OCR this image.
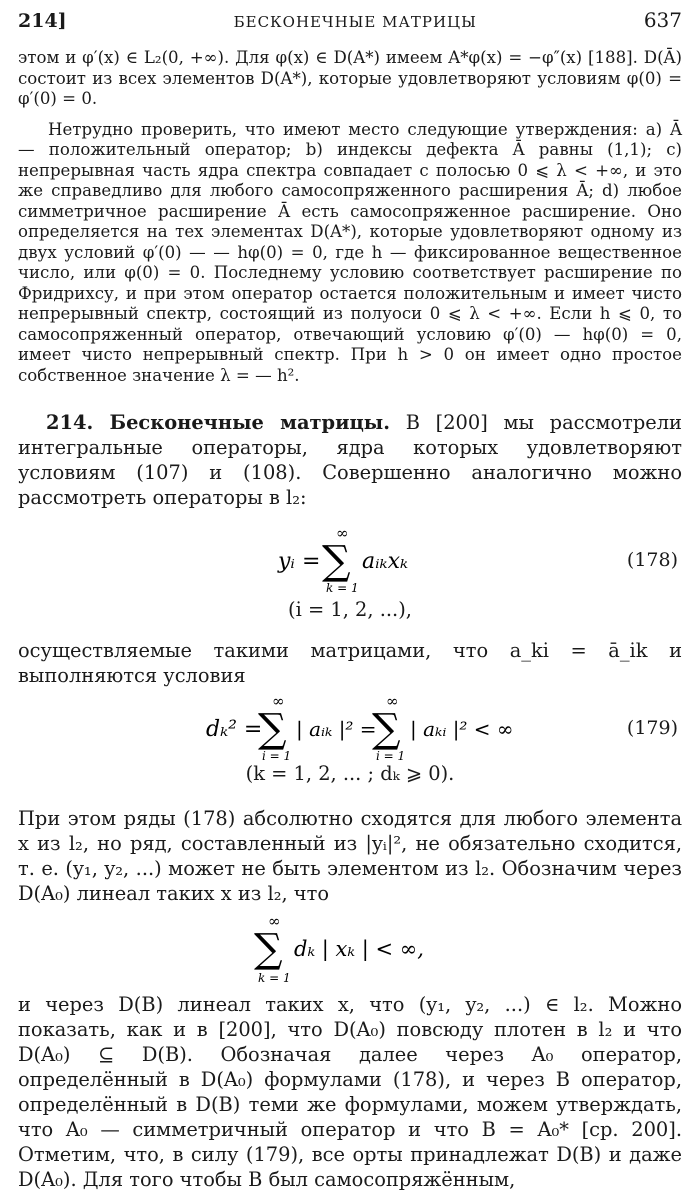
214]	БЕСКОНЕЧНЫЕ МАТРИЦЫ	637

этом и φ′(x) ∈ L₂(0, +∞). Для φ(x) ∈ D(A*) имеем A*φ(x) = −φ″(x) [188]. D(Ā) состоит из всех элементов D(A*), которые удовлетворяют условиям φ(0) = φ′(0) = 0.

Нетрудно проверить, что имеют место следующие утверждения: a) Ā — положительный оператор; b) индексы дефекта Ā равны (1,1); c) непрерывная часть ядра спектра совпадает с полосью 0 ⩽ λ < +∞, и это же справедливо для любого самосопряженного расширения Ā; d) любое симметричное расширение Ā есть самосопряженное расширение. Оно определяется на тех элементах D(A*), которые удовлетворяют одному из двух условий φ′(0) — — hφ(0) = 0, где h — фиксированное вещественное число, или φ(0) = 0. Последнему условию соответствует расширение по Фридрихсу, и при этом оператор остается положительным и имеет чисто непрерывный спектр, состоящий из полуоси 0 ⩽ λ < +∞. Если h ⩽ 0, то самосопряженный оператор, отвечающий условию φ′(0) — hφ(0) = 0, имеет чисто непрерывный спектр. При h > 0 он имеет одно простое собственное значение λ = — h².

214. Бесконечные матрицы. В [200] мы рассмотрели интегральные операторы, ядра которых удовлетворяют условиям (107) и (108). Совершенно аналогично можно рассмотреть операторы в l₂:

yᵢ =
∞
∑
k = 1
aᵢₖxₖ	(178)
(i = 1, 2, ...),

осуществляемые такими матрицами, что a_ki = ā_ik и выполняются условия

dₖ² =
∞
∑
i = 1
| aᵢₖ |² =
∞
∑
i = 1
| aₖᵢ |² < ∞	(179)
(k = 1, 2, ... ; dₖ ⩾ 0).

При этом ряды (178) абсолютно сходятся для любого элемента x из l₂, но ряд, составленный из |yᵢ|², не обязательно сходится, т. е. (y₁, y₂, ...) может не быть элементом из l₂. Обозначим через D(A₀) линеал таких x из l₂, что

∞
∑
k = 1
dₖ | xₖ | < ∞,

и через D(B) линеал таких x, что (y₁, y₂, ...) ∈ l₂. Можно показать, как и в [200], что D(A₀) повсюду плотен в l₂ и что D(A₀) ⊆ D(B). Обозначая далее через A₀ оператор, определённый в D(A₀) формулами (178), и через B оператор, определённый в D(B) теми же формулами, можем утверждать, что A₀ — симметричный оператор и что B = A₀* [ср. 200]. Отметим, что, в силу (179), все орты принадлежат D(B) и даже D(A₀). Для того чтобы B был самосопряжённым,
